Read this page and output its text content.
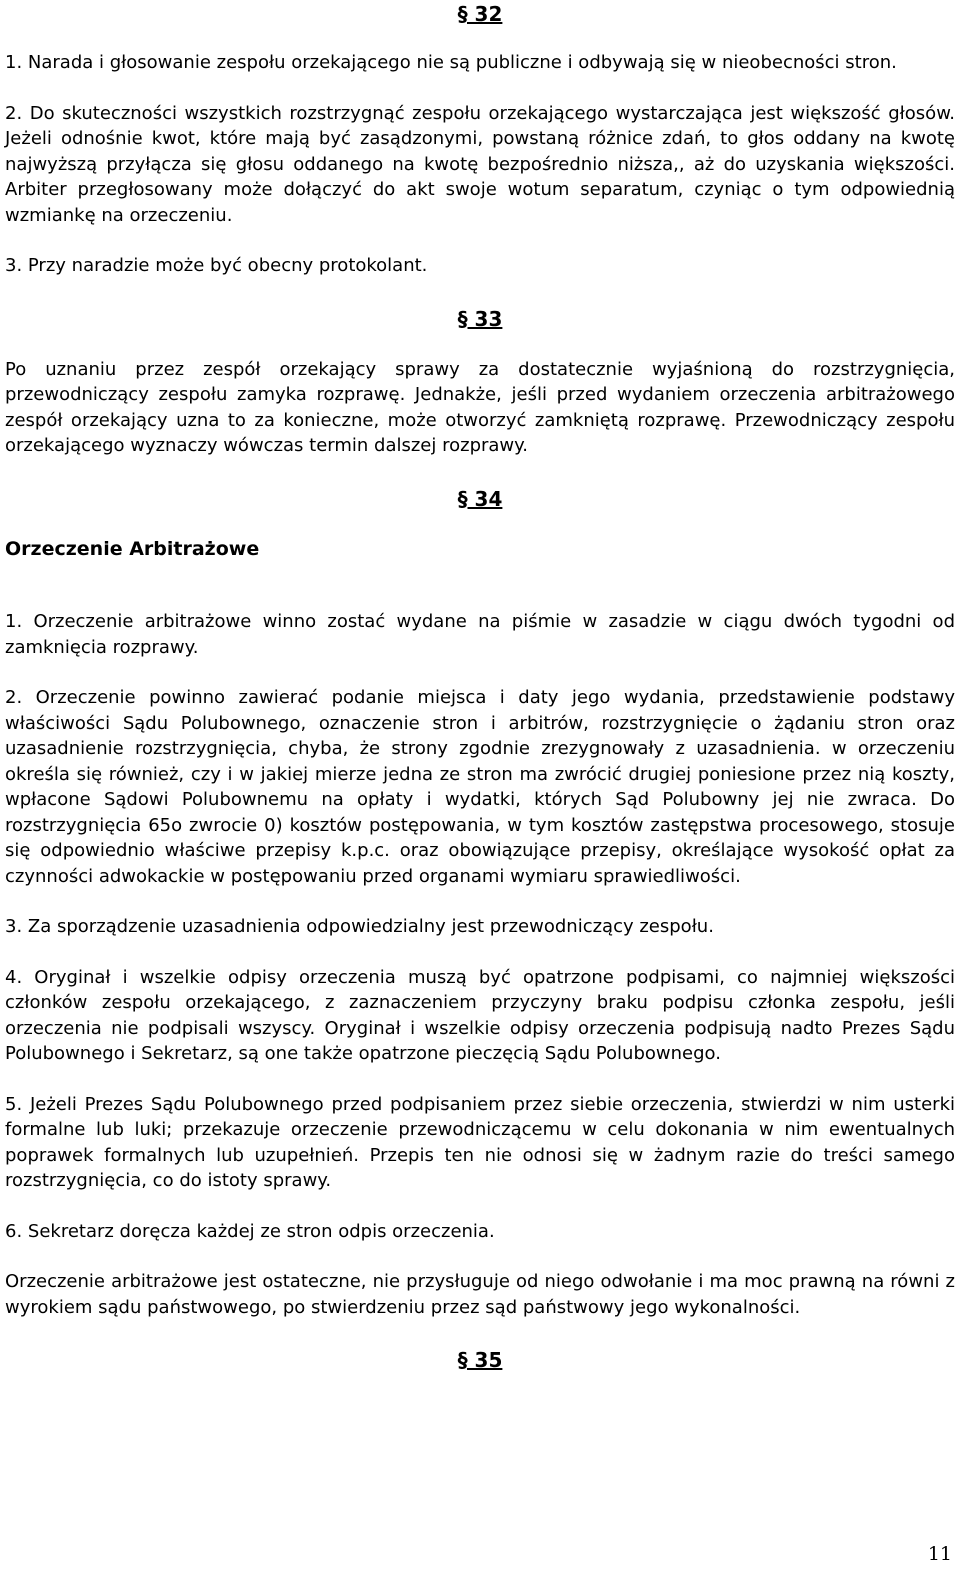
§ 32

1. Narada i głosowanie zespołu orzekającego nie są publiczne i odbywają się w nieobecności stron.

2. Do skuteczności wszystkich rozstrzygnąć zespołu orzekającego wystarczająca jest większość głosów. Jeżeli odnośnie kwot, które mają być zasądzonymi, powstaną różnice zdań, to głos oddany na kwotę najwyższą przyłącza się głosu oddanego na kwotę bezpośrednio niższa,, aż do uzyskania większości. Arbiter przegłosowany może dołączyć do akt swoje wotum separatum, czyniąc o tym odpowiednią wzmiankę na orzeczeniu.

3. Przy naradzie może być obecny protokolant.

§ 33

Po uznaniu przez zespół orzekający sprawy za dostatecznie wyjaśnioną do rozstrzygnięcia, przewodniczący zespołu zamyka rozprawę. Jednakże, jeśli przed wydaniem orzeczenia arbitrażowego zespół orzekający uzna to za konieczne, może otworzyć zamkniętą rozprawę. Przewodniczący zespołu orzekającego wyznaczy wówczas termin dalszej rozprawy.

§ 34

Orzeczenie Arbitrażowe

1. Orzeczenie arbitrażowe winno zostać wydane na piśmie w zasadzie w ciągu dwóch tygodni od zamknięcia rozprawy.

2. Orzeczenie powinno zawierać podanie miejsca i daty jego wydania, przedstawienie podstawy właściwości Sądu Polubownego, oznaczenie stron i arbitrów, rozstrzygnięcie o żądaniu stron oraz uzasadnienie rozstrzygnięcia, chyba, że strony zgodnie zrezygnowały z uzasadnienia. w orzeczeniu określa się również, czy i w jakiej mierze jedna ze stron ma zwrócić drugiej poniesione przez nią koszty, wpłacone Sądowi Polubownemu na opłaty i wydatki, których Sąd Polubowny jej nie zwraca. Do rozstrzygnięcia 65o zwrocie 0) kosztów postępowania, w tym kosztów zastępstwa procesowego, stosuje się odpowiednio właściwe przepisy k.p.c. oraz obowiązujące przepisy, określające wysokość opłat za czynności adwokackie w postępowaniu przed organami wymiaru sprawiedliwości.

3. Za sporządzenie uzasadnienia odpowiedzialny jest przewodniczący zespołu.

4. Oryginał i wszelkie odpisy orzeczenia muszą być opatrzone podpisami, co najmniej większości członków zespołu orzekającego, z zaznaczeniem przyczyny braku podpisu członka zespołu, jeśli orzeczenia nie podpisali wszyscy. Oryginał i wszelkie odpisy orzeczenia podpisują nadto Prezes Sądu Polubownego i Sekretarz, są one także opatrzone pieczęcią Sądu Polubownego.

5. Jeżeli Prezes Sądu Polubownego przed podpisaniem przez siebie orzeczenia, stwierdzi w nim usterki formalne lub luki; przekazuje orzeczenie przewodniczącemu w celu dokonania w nim ewentualnych poprawek formalnych lub uzupełnień. Przepis ten nie odnosi się w żadnym razie do treści samego rozstrzygnięcia, co do istoty sprawy.

6. Sekretarz doręcza każdej ze stron odpis orzeczenia.

Orzeczenie arbitrażowe jest ostateczne, nie przysługuje od niego odwołanie i ma moc prawną na równi z wyrokiem sądu państwowego, po stwierdzeniu przez sąd państwowy jego wykonalności.

§ 35
11
